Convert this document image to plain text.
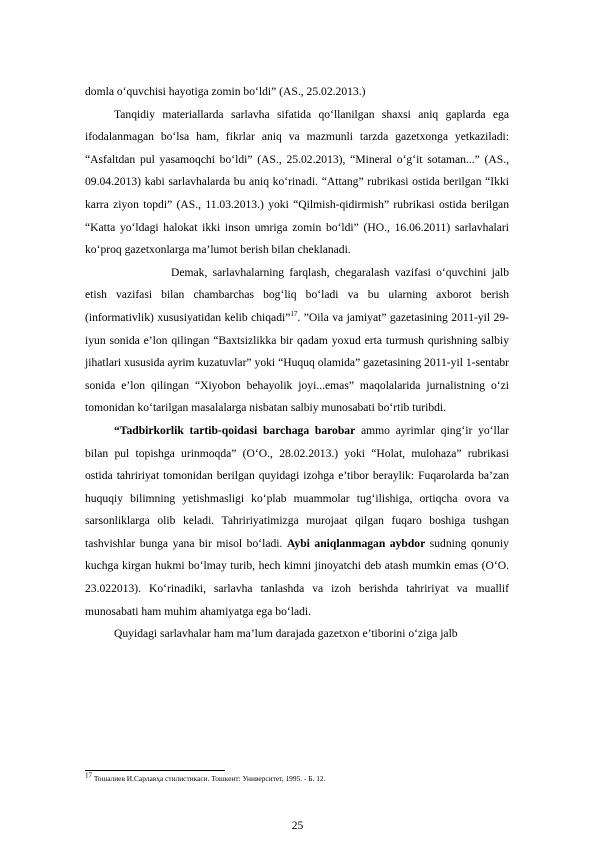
domla o‘quvchisi hayotiga zomin bo‘ldi” (AS., 25.02.2013.)

Tanqidiy materiallarda sarlavha sifatida qo‘llanilgan shaxsi aniq gaplarda ega ifodalanmagan bo‘lsa ham, fikrlar aniq va mazmunli tarzda gazetxonga yetkaziladi: “Asfaltdan pul yasamoqchi bo‘ldi” (AS., 25.02.2013), “Mineral o‘g‘it sotaman...” (AS., 09.04.2013) kabi sarlavhalarda bu aniq ko‘rinadi. “Attang” rubrikasi ostida berilgan “Ikki karra ziyon topdi” (AS., 11.03.2013.) yoki “Qilmish-qidirmish” rubrikasi ostida berilgan “Katta yo‘ldagi halokat ikki inson umriga zomin bo‘ldi” (HO., 16.06.2011) sarlavhalari ko‘proq gazetxonlarga ma’lumot berish bilan cheklanadi.

Demak, sarlavhalarning farqlash, chegaralash vazifasi o‘quvchini jalb etish vazifasi bilan chambarchas bog‘liq bo‘ladi va bu ularning axborot berish (informativlik) xususiyatidan kelib chiqadi”$^{17}$. ”Oila va jamiyat” gazetasining 2011-yil 29-iyun sonida e’lon qilingan “Baxtsizlikka bir qadam yoxud erta turmush qurishning salbiy jihatlari xususida ayrim kuzatuvlar” yoki “Huquq olamida” gazetasining 2011-yil 1-sentabr sonida e’lon qilingan “Xiyobon behayolik joyi...emas” maqolalarida jurnalistning o‘zi tomonidan ko‘tarilgan masalalarga nisbatan salbiy munosabati bo‘rtib turibdi.

“Tadbirkorlik tartib-qoidasi barchaga barobar ammo ayrimlar qing‘ir yo‘llar bilan pul topishga urinmoqda” (O‘O., 28.02.2013.) yoki “Holat, mulohaza” rubrikasi ostida tahririyat tomonidan berilgan quyidagi izohga e’tibor beraylik: Fuqarolarda ba’zan huquqiy bilimning yetishmasligi ko‘plab muammolar tug‘ilishiga, ortiqcha ovora va sarsonliklarga olib keladi. Tahririyatimizga murojaat qilgan fuqaro boshiga tushgan tashvishlar bunga yana bir misol bo‘ladi. Aybi aniqlanmagan aybdor sudning qonuniy kuchga kirgan hukmi bo‘lmay turib, hech kimni jinoyatchi deb atash mumkin emas (O‘O. 23.022013). Ko‘rinadiki, sarlavha tanlashda va izoh berishda tahririyat va muallif munosabati ham muhim ahamiyatga ega bo‘ladi.

Quyidagi sarlavhalar ham ma’lum darajada gazetxon e’tiborini o‘ziga jalb

$^{17}$ Тошалиев И.Сарлавҳа стилистикаси. Тошкент: Университет, 1995. - Б. 12.
25
